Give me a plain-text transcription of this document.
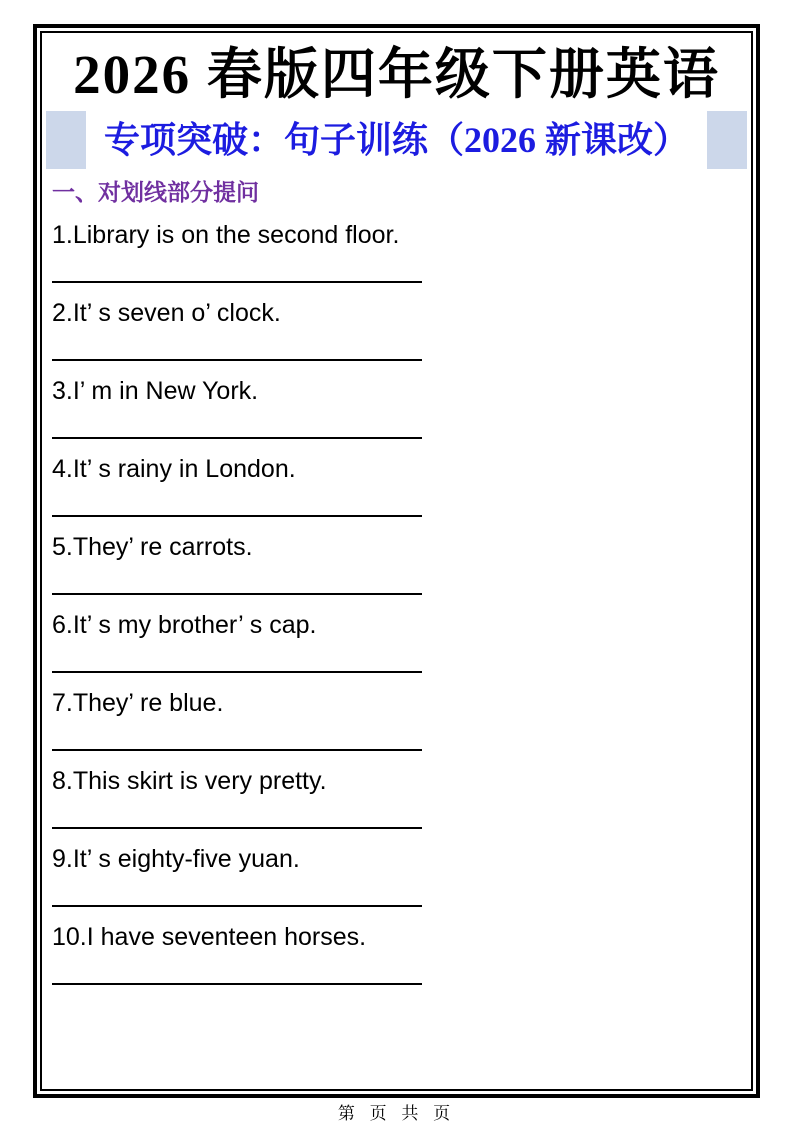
2026 春版四年级下册英语
专项 突破 ：句子 训练 （2026 新课改）
一、对划线部分提问

1.Library is on the second floor.

2.It’ s seven o’ clock.

3.I’ m in New York.

4.It’ s rainy in London.

5.They’ re carrots.

6.It’ s my brother’ s cap.

7.They’ re blue.

8.This skirt is very pretty.

9.It’ s eighty-five yuan.

10.I have seventeen horses.

第 页 共 页
